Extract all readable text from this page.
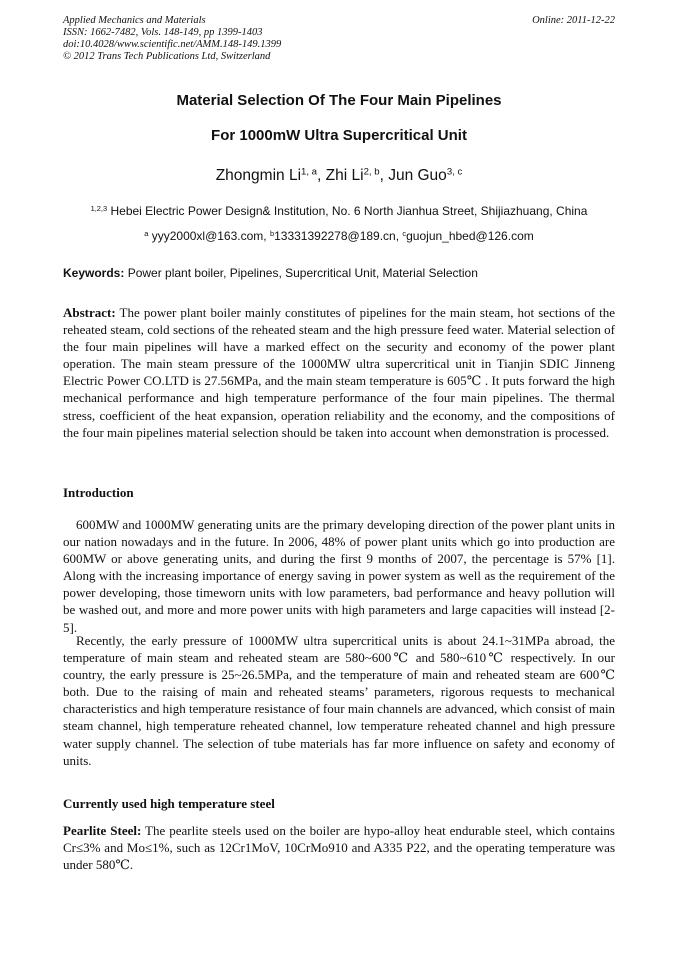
Applied Mechanics and Materials
ISSN: 1662-7482, Vols. 148-149, pp 1399-1403
doi:10.4028/www.scientific.net/AMM.148-149.1399
© 2012 Trans Tech Publications Ltd, Switzerland
Online: 2011-12-22
Material Selection Of The Four Main Pipelines
For 1000mW Ultra Supercritical Unit
Zhongmin Li$^{1, a}$, Zhi Li$^{2, b}$, Jun Guo$^{3, c}$
$^{1,2,3}$ Hebei Electric Power Design& Institution, No. 6 North Jianhua Street, Shijiazhuang, China
$^a$ yyy2000xl@163.com, $^b$13331392278@189.cn, $^c$guojun_hbed@126.com
Keywords: Power plant boiler, Pipelines, Supercritical Unit, Material Selection

Abstract: The power plant boiler mainly constitutes of pipelines for the main steam, hot sections of the reheated steam, cold sections of the reheated steam and the high pressure feed water. Material selection of the four main pipelines will have a marked effect on the security and economy of the power plant operation. The main steam pressure of the 1000MW ultra supercritical unit in Tianjin SDIC Jinneng Electric Power CO.LTD is 27.56MPa, and the main steam temperature is 605℃ . It puts forward the high mechanical performance and high temperature performance of the four main pipelines. The thermal stress, coefficient of the heat expansion, operation reliability and the economy, and the compositions of the four main pipelines material selection should be taken into account when demonstration is processed.

Introduction

600MW and 1000MW generating units are the primary developing direction of the power plant units in our nation nowadays and in the future. In 2006, 48% of power plant units which go into production are 600MW or above generating units, and during the first 9 months of 2007, the percentage is 57% [1]. Along with the increasing importance of energy saving in power system as well as the requirement of the power developing, those timeworn units with low parameters, bad performance and heavy pollution will be washed out, and more and more power units with high parameters and large capacities will instead [2-5].

Recently, the early pressure of 1000MW ultra supercritical units is about 24.1~31MPa abroad, the temperature of main steam and reheated steam are 580~600℃ and 580~610℃ respectively. In our country, the early pressure is 25~26.5MPa, and the temperature of main and reheated steam are 600℃ both. Due to the raising of main and reheated steams’ parameters, rigorous requests to mechanical characteristics and high temperature resistance of four main channels are advanced, which consist of main steam channel, high temperature reheated channel, low temperature reheated channel and high pressure water supply channel. The selection of tube materials has far more influence on safety and economy of units.

Currently used high temperature steel

Pearlite Steel: The pearlite steels used on the boiler are hypo-alloy heat endurable steel, which contains Cr≤3% and Mo≤1%, such as 12Cr1MoV, 10CrMo910 and A335 P22, and the operating temperature was under 580℃.
